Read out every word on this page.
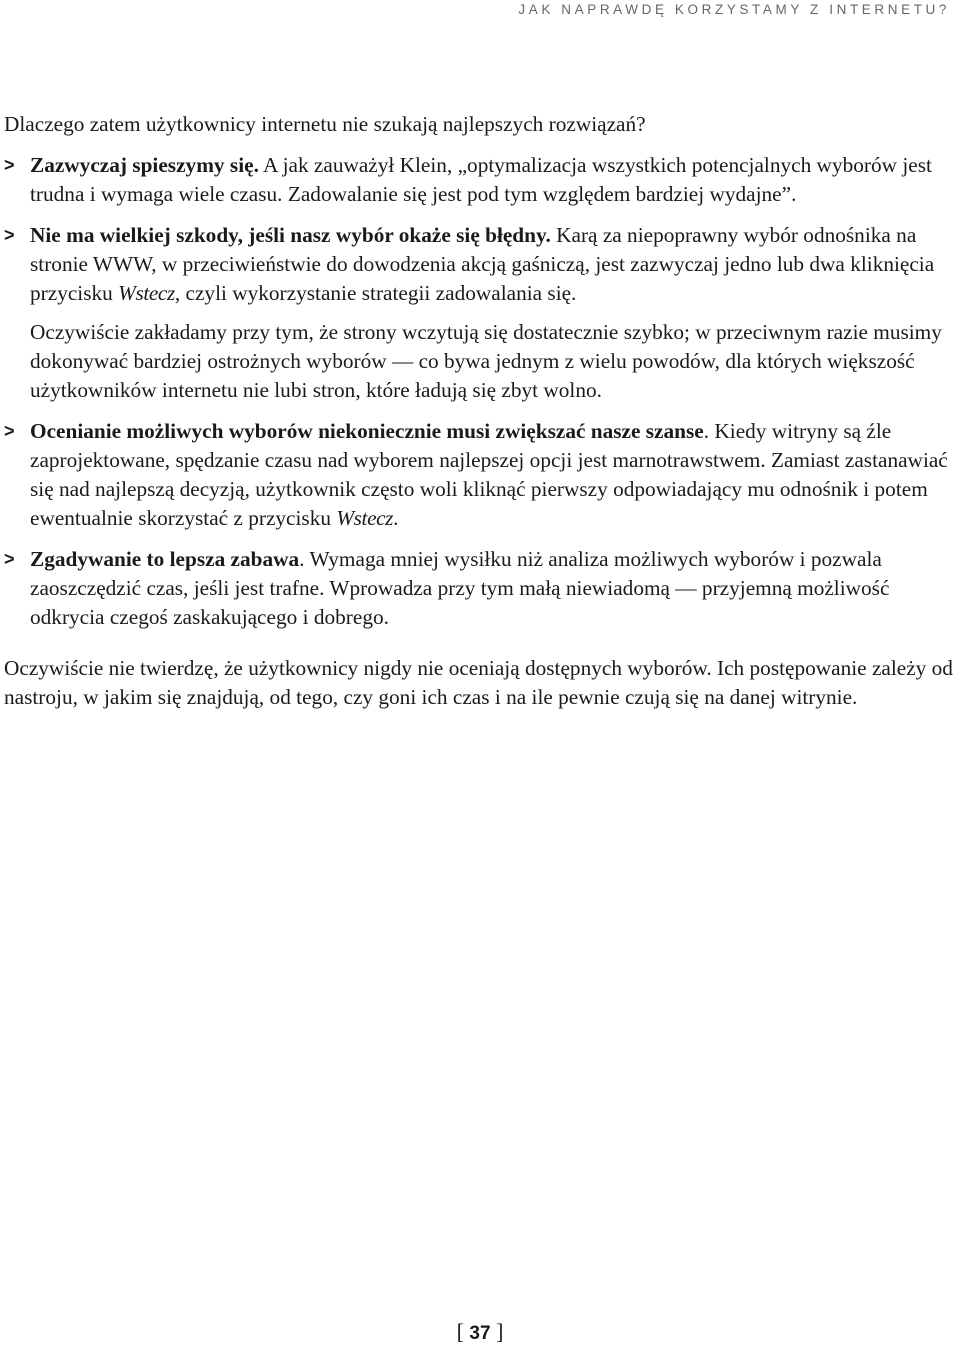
JAK NAPRAWDĘ KORZYSTAMY Z INTERNETU?

Dlaczego zatem użytkownicy internetu nie szukają najlepszych rozwiązań?

> Zazwyczaj spieszymy się. A jak zauważył Klein, „optymalizacja wszystkich potencjalnych wyborów jest trudna i wymaga wiele czasu. Zadowalanie się jest pod tym względem bardziej wydajne”.
> Nie ma wielkiej szkody, jeśli nasz wybór okaże się błędny. Karą za niepoprawny wybór odnośnika na stronie WWW, w przeciwieństwie do dowodzenia akcją gaśniczą, jest zazwyczaj jedno lub dwa kliknięcia przycisku Wstecz, czyli wykorzystanie strategii zadowalania się.

Oczywiście zakładamy przy tym, że strony wczytują się dostatecznie szybko; w przeciwnym razie musimy dokonywać bardziej ostrożnych wyborów — co bywa jednym z wielu powodów, dla których większość użytkowników internetu nie lubi stron, które ładują się zbyt wolno.

> Ocenianie możliwych wyborów niekoniecznie musi zwiększać nasze szanse. Kiedy witryny są źle zaprojektowane, spędzanie czasu nad wyborem najlepszej opcji jest marnotrawstwem. Zamiast zastanawiać się nad najlepszą decyzją, użytkownik często woli kliknąć pierwszy odpowiadający mu odnośnik i potem ewentualnie skorzystać z przycisku Wstecz.
> Zgadywanie to lepsza zabawa. Wymaga mniej wysiłku niż analiza możliwych wyborów i pozwala zaoszczędzić czas, jeśli jest trafne. Wprowadza przy tym małą niewiadomą — przyjemną możliwość odkrycia czegoś zaskakującego i dobrego.

Oczywiście nie twierdzę, że użytkownicy nigdy nie oceniają dostępnych wyborów. Ich postępowanie zależy od nastroju, w jakim się znajdują, od tego, czy goni ich czas i na ile pewnie czują się na danej witrynie.

[ 37 ]
